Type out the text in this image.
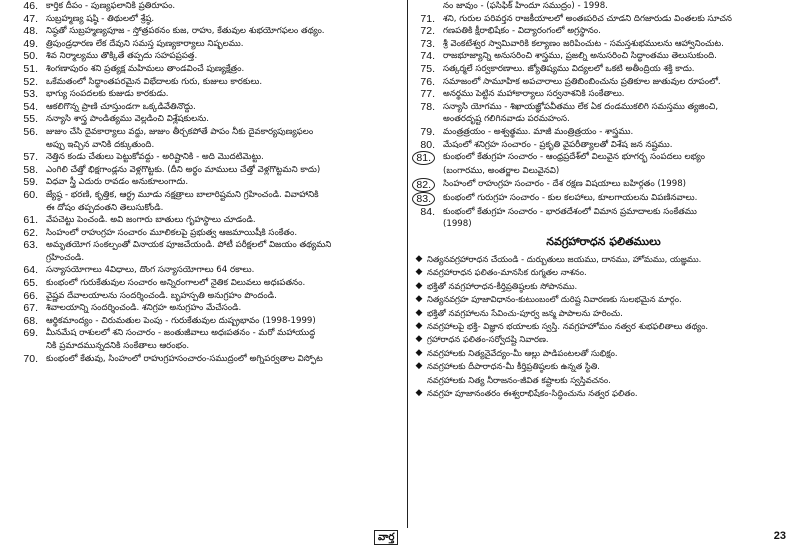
46. కార్తిక దీపం - పుణ్యఫలానికి ప్రతిరూపం.
47. సుబ్రహ్మణ్య షష్ఠి - తిథులలో శ్రేష్ఠ.
48. నిష్ఠతో సుబ్రహ్మణ్యపూజ - స్తోత్రపఠనం కుజ, రాహు, కేతువుల శుభయోగఫలం తథ్యం.
49. త్రిపుండ్రధారణ లేక దేవుని సమస్త పుణ్యకార్యాలు నిష్ఫలము.
50. శివ నిర్మాల్యము తొక్కితే తప్పదు సహపప్రపత్త.
51. శింగణాపురం శని ప్రత్యక్ష మహిమలు తాండవించే పుణ్యక్షేత్రం.
52. ఒకేమతంలో సిద్ధాంతపరమైన విభేదాలకు గురు, కుజులు కారకులు.
53. భాగ్యు సంపదలకు కుజుడు కారకుడు.
54. ఆకలిగొన్న ప్రాణి చూస్తుండగా ఒక్కడివేతినొద్దు.
55. నన్యాసి శాస్త్ర పాండిత్యము వెల్లడించి విశ్లేషకులను.
56. జుజుం చేసి దైవకార్యాలు వద్దు, జుజుం తీర్చకపోతే పాపం నీకు దైవకార్యపుణ్యఫలం
అప్పు ఇచ్చిన వానికి దక్కుతుంది.
57. నెత్తిన కండు చేతులు పెట్టుకోవద్దు - అరిష్టానికి - అది మొదటిమెట్టు.
58. ఎంగిలి చేత్తో భిక్షగాండ్లను వెళ్లగొట్టకు. (దీని అర్థం మాములు చేత్తో వెళ్లగొట్టమని కాదు)
59. విధవా స్త్రీ ఎదురు రావడం అనుకూలంగాదు.
60. జ్యేష్ఠ - భరణి, కృత్తిక, ఆర్ద్ర మూడు నక్షత్రాలు బాలారిష్టమని గ్రహించండి. వివాహానికి
ఈ దోషం తప్పదంతని తెలుసుకోండి.
61. వేపచెట్టు పెంచండి. అవి జంగారు బాతులు గృహస్థాలు చూడండి.
62. సింహంలో రాహుగ్రహ సంచారం మూలికలపై ప్రభుత్వ ఆజమాయిషీకి సంకేతం.
63. అమృతయోగ సంకల్పంతో వినాయక పూజచేయండి. పోటీ పరీక్షలలో విజయం తథ్యమని
గ్రహించండి.
64. సన్యాసయోగాలు 4విధాలు, దొంగ సన్యాసయోగాలు 64 రకాలు.
65. కుంభంలో గురుకేతువుల సంచారం అన్నిరంగాలలో నైతిక విలువలు అధఃపతనం.
66. వైష్ణవ దేవాలయాలను సందర్శించండి. బృహస్పతి అనుగ్రహం పొందండి.
67. శివాలయాన్ని సందర్శించండి. శనిగ్రహ అనుగ్రహం మేచేసండి.
68. ఆర్థికమాంద్యం - చిరుమతుల పెంపు - గురుకేతువుల దుష్ప్రభావం (1998-1999)
69. మీనమేష రాశులలో శని సంచారం - జంతుజీవాలు అధఃపతనం - మరో మహాయుద్ధ
నికి ప్రమాదమున్నదనికి సంకేతాలు ఆరంభం.
70. కుంభంలో కేతువు, సింహంలో రాహుగ్రహసంచారం-సముద్రంలో అగ్నిపర్వతాల విస్ఫోట
నం జావుం - (ఫసిఫిక్ హిందూ సముద్రం) - 1998.
71. శని, గురుల పరివర్తన రాజకీయాలలో అంతఃపరిచ చూడని దిగజారుడు వింతలకు సూచన
72. గణపతికి క్షీరాభిషేకం - విద్యారంగంలో అగ్రస్థానం.
73. శ్రీ వెంకటేశ్వర స్వామివారికి కల్యాణం జరిపించుట - సమస్తశుభములను ఆహ్వానించుట.
74. రాజభూజ్యాన్ని అనుసరించి శాస్త్రము, ప్రజల్ని అనుసరించి సిద్ధాంతము తెలుసుకుంది.
75. సత్కర్మలే సర్వకారణాలు. జ్యోతిష్యము విద్యలలో ఒకటి అతీంద్రియ శక్తి కాదు.
76. సమాజంలో సామూహిక అపచారాలు ప్రతిబింబించును ప్రతికూల జుతువుల రూపంలో.
77. అనర్థము పెట్టిన మహాకార్యాలు సర్వనాశనికి సంకేతాలు.
78. సన్యాసి యోగము - శిఖాయజ్ఞోపవీతము లేక ఏక దండముకలిగి సమస్తము త్యజించి,
అంతరదృష్ట గలిగినవాడు పరమహంస.
79. మంత్రత్రయం - అశ్వత్థము. మాజీ మంత్రిత్రయం - శాస్త్రము.
80. మేషంలో శనిగ్రహ సంచారం - ప్రకృతి వైపరీత్యాలతో విశేష జన నష్టము.
81.	కుంభంలో కేతుగ్రహ సంచారం - ఆంధ్రప్రదేశ్‌లో విలువైన భూగర్భ సంపదలు లభ్యం
(బంగారము, అంతర్జాల విలువైనవి)
82.	సింహంలో రాహుగ్రహ సంచారం - దేశ రక్షణ విషయాలు బహిర్గతం (1998)
83.	కుంభంలో గురుగ్రహ సంచారం - కుల కలహాలు, కూలగాయలను విపణినవాలు.
84. కుంభంలో కేతుగ్రహ సంచారం - భారతదేశంలో విమాన ప్రమాదాలకు సంకేతము
(1998)
నవగ్రహారాధన ఫలితములు
◆ నిత్యనవగ్రహారాధన చేయండి - దుర్బుతులు జయము, దానము, హోమము, యజ్ఞము.
◆ నవగ్రహారాధన ఫలితం-మానసిక రుగ్మతల నాశనం.
◆ భక్తితో నవగ్రహారాధన-కీర్తిప్రతిష్ఠలకు సోపానము.
◆ నిత్యనవగ్రహ పూజావిధానం-కుటుంబంలో దురిష్ట నివారణకు సులభమైన మార్గం.
◆ భక్తితో నవగ్రహాలను సేవించు-పూర్వ జన్మ పాపాలను హరించు.
◆ నవగ్రహాలపై భక్తి- విజ్ఞాన భయాలకు స్వస్తి. నవగ్రహహోమం నత్వర శుభఫలితాలు తథ్యం.
◆ గ్రహారాధన ఫలితం-సర్వోదష్టి నివారణ.
◆ నవగ్రహాలకు నిత్యనైవేద్యం-మీ ఆల్లు పాడిపంటలతో సుభిక్షం.
◆ నవగ్రహాలకు దీపారాధన-మీ కీర్తిప్రతిష్ఠలకు ఉన్నత స్థితి.
నవగ్రహాలకు నిత్య నీరాజనం-జీవిత కష్టాలకు స్వస్తివచనం.
◆ నవగ్రహ పూజానంతరం ఈశ్వరాభిషేకం-సిద్ధించును నత్వర ఫలితం.
వార్త	23
